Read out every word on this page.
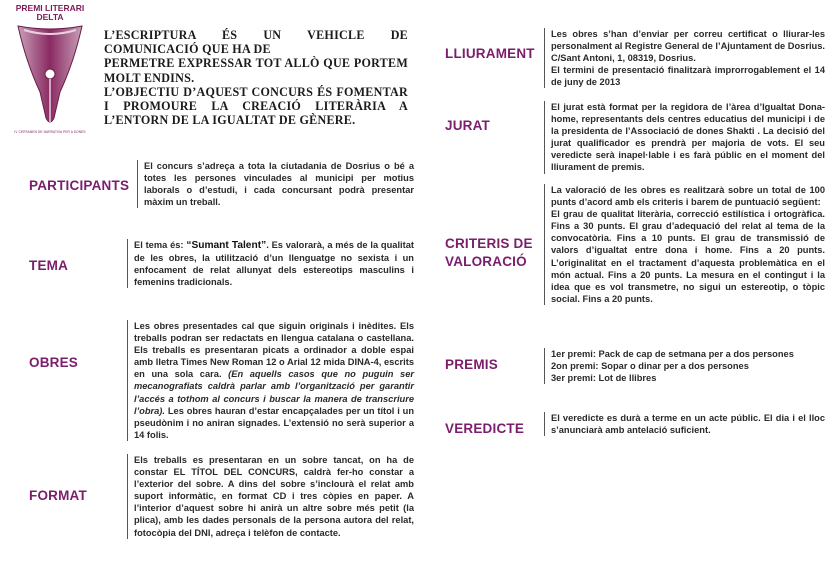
PREMI LITERARI
DELTA
IV CERTAMEN DE NARRATIVA PER A DONES
L’ESCRIPTURA ÉS UN VEHICLE DE COMUNICACIÓ QUE HA DE
PERMETRE EXPRESSAR TOT ALLÒ QUE PORTEM MOLT ENDINS.
L’OBJECTIU D’AQUEST CONCURS ÉS FOMENTAR I PROMOURE LA CREACIÓ LITERÀRIA A L’ENTORN DE LA IGUALTAT DE GÈNERE.
PARTICIPANTS

El concurs s’adreça a tota la ciutadania de Dosrius o bé a totes les persones vinculades al municipi per motius laborals o d’estudi, i cada concursant podrà presentar màxim un treball.

TEMA

El tema és: “Sumant Talent”. Es valorarà, a més de la qualitat de les obres, la utilització d’un llenguatge no sexista i un enfocament de relat allunyat dels estereotips masculins i femenins tradicionals.

OBRES

Les obres presentades cal que siguin originals i inèdites. Els treballs podran ser redactats en llengua catalana o castellana. Els treballs es presentaran picats a ordinador a doble espai amb lletra Times New Roman 12 o Arial 12 mida DINA-4, escrits en una sola cara. (En aquells casos que no puguin ser mecanografiats caldrà parlar amb l’organització per garantir l’accés a tothom al concurs i buscar la manera de transcriure l’obra). Les obres hauran d’estar encapçalades per un títol i un pseudònim i no aniran signades. L’extensió no serà superior a 14 folis.

FORMAT

Els treballs es presentaran en un sobre tancat, on ha de constar EL TÍTOL DEL CONCURS, caldrà fer-ho constar a l’exterior del sobre. A dins del sobre s’inclourà el relat amb suport informàtic, en format CD i tres còpies en paper. A l’interior d’aquest sobre hi anirà un altre sobre més petit (la plica), amb les dades personals de la persona autora del relat, fotocòpia del DNI, adreça i telèfon de contacte.

LLIURAMENT

Les obres s’han d’enviar per correu certificat o lliurar-les personalment al Registre General de l’Ajuntament de Dosrius. C/Sant Antoni, 1, 08319, Dosrius.

El termini de presentació finalitzarà improrrogablement el 14 de juny de 2013

JURAT

El jurat està format per la regidora de l’àrea d’Igualtat Dona-home, representants dels centres educatius del municipi i de la presidenta de l’Associació de dones Shakti . La decisió del jurat qualificador es prendrà per majoria de vots. El seu veredicte serà inapel·lable i es farà públic en el moment del lliurament de premis.

CRITERIS DE
VALORACIÓ

La valoració de les obres es realitzarà sobre un total de 100 punts d’acord amb els criteris i barem de puntuació següent:

El grau de qualitat literària, correcció estilística i ortogràfica. Fins a 30 punts. El grau d’adequació del relat al tema de la convocatòria. Fins a 10 punts. El grau de transmissió de valors d’igualtat entre dona i home. Fins a 20 punts. L’originalitat en el tractament d’aquesta problemàtica en el món actual. Fins a 20 punts. La mesura en el contingut i la idea que es vol transmetre, no sigui un estereotip, o tòpic social. Fins a 20 punts.

PREMIS

1er premi: Pack de cap de setmana per a dos persones

2on premi: Sopar o dinar per a dos persones

3er premi: Lot de llibres

VEREDICTE

El veredicte es durà a terme en un acte públic. El dia i el lloc s’anunciarà amb antelació suficient.
